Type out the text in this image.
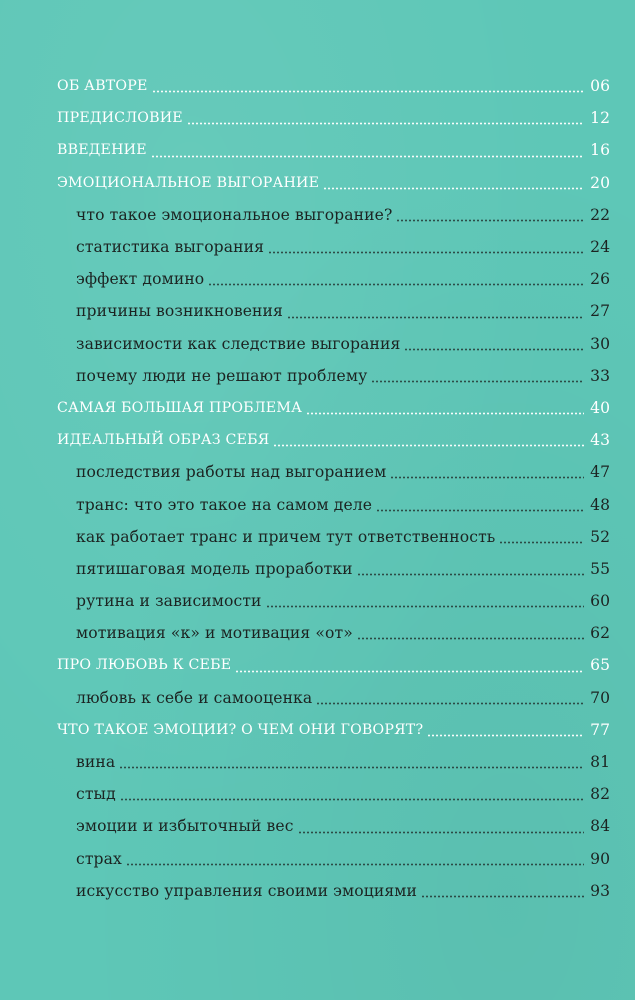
ОБ АВТОРЕ	06
ПРЕДИСЛОВИЕ	12
ВВЕДЕНИЕ	16
ЭМОЦИОНАЛЬНОЕ ВЫГОРАНИЕ	20
что такое эмоциональное выгорание?	22
статистика выгорания	24
эффект домино	26
причины возникновения	27
зависимости как следствие выгорания	30
почему люди не решают проблему	33
САМАЯ БОЛЬШАЯ ПРОБЛЕМА	40
ИДЕАЛЬНЫЙ ОБРАЗ СЕБЯ	43
последствия работы над выгоранием	47
транс: что это такое на самом деле	48
как работает транс и причем тут ответственность	52
пятишаговая модель проработки	55
рутина и зависимости	60
мотивация «к» и мотивация «от»	62
ПРО ЛЮБОВЬ К СЕБЕ	65
любовь к себе и самооценка	70
ЧТО ТАКОЕ ЭМОЦИИ? О ЧЕМ ОНИ ГОВОРЯТ?	77
вина	81
стыд	82
эмоции и избыточный вес	84
страх	90
искусство управления своими эмоциями	93
